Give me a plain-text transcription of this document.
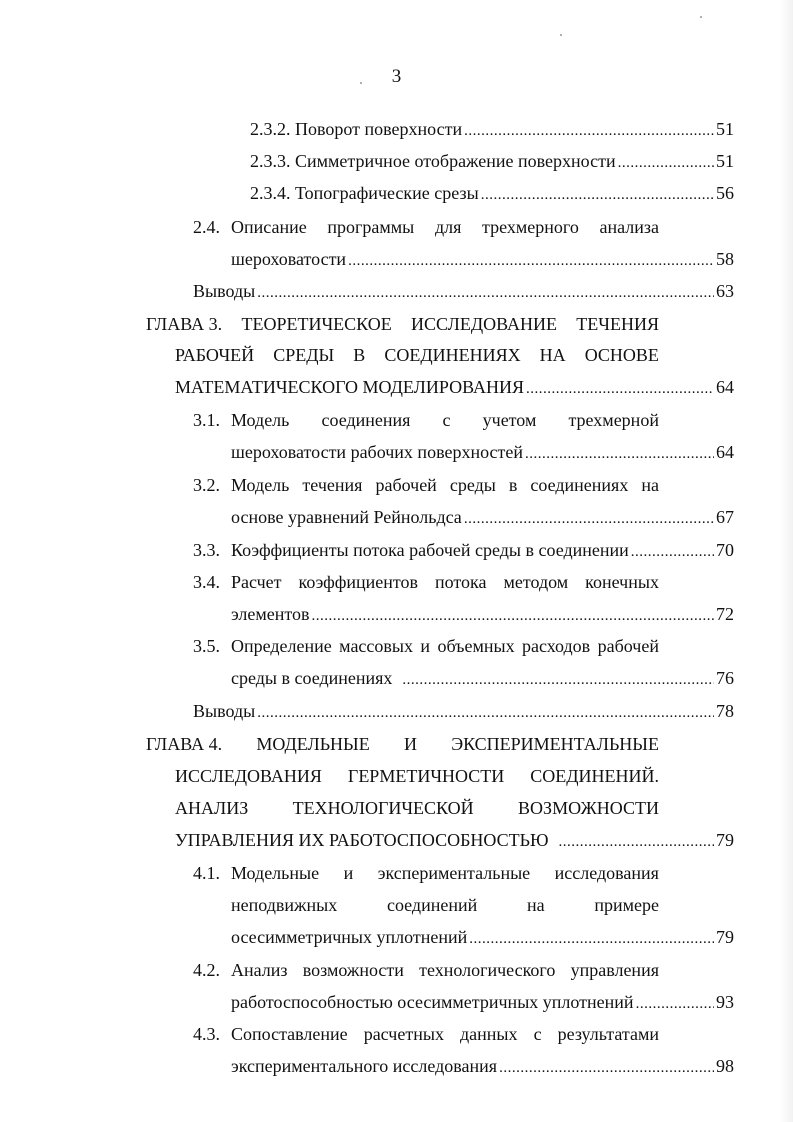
3
2.3.2. Поворот поверхности .....	51
2.3.3. Симметричное отображение поверхности .....	51
2.3.4. Топографические срезы .....	56
2.4. Описание программы для трехмерного анализа
шероховатости .....	58
Выводы .....	63
ГЛАВА 3. ТЕОРЕТИЧЕСКОЕ ИССЛЕДОВАНИЕ ТЕЧЕНИЯ
РАБОЧЕЙ СРЕДЫ В СОЕДИНЕНИЯХ НА ОСНОВЕ
МАТЕМАТИЧЕСКОГО МОДЕЛИРОВАНИЯ .....	64
3.1. Модель соединения с учетом трехмерной
шероховатости рабочих поверхностей .....	64
3.2. Модель течения рабочей среды в соединениях на
основе уравнений Рейнольдса .....	67
3.3. Коэффициенты потока рабочей среды в соединении .....	70
3.4. Расчет коэффициентов потока методом конечных
элементов .....	72
3.5. Определение массовых и объемных расходов рабочей
среды в соединениях .....	76
Выводы .....	78
ГЛАВА 4. МОДЕЛЬНЫЕ И ЭКСПЕРИМЕНТАЛЬНЫЕ
ИССЛЕДОВАНИЯ ГЕРМЕТИЧНОСТИ СОЕДИНЕНИЙ.
АНАЛИЗ ТЕХНОЛОГИЧЕСКОЙ ВОЗМОЖНОСТИ
УПРАВЛЕНИЯ ИХ РАБОТОСПОСОБНОСТЬЮ .....	79
4.1. Модельные и экспериментальные исследования
неподвижных	соединений	на	примере
осесимметричных уплотнений .....	79
4.2. Анализ возможности технологического управления
работоспособностью осесимметричных уплотнений .....	93
4.3. Сопоставление расчетных данных с результатами
экспериментального исследования .....	98
